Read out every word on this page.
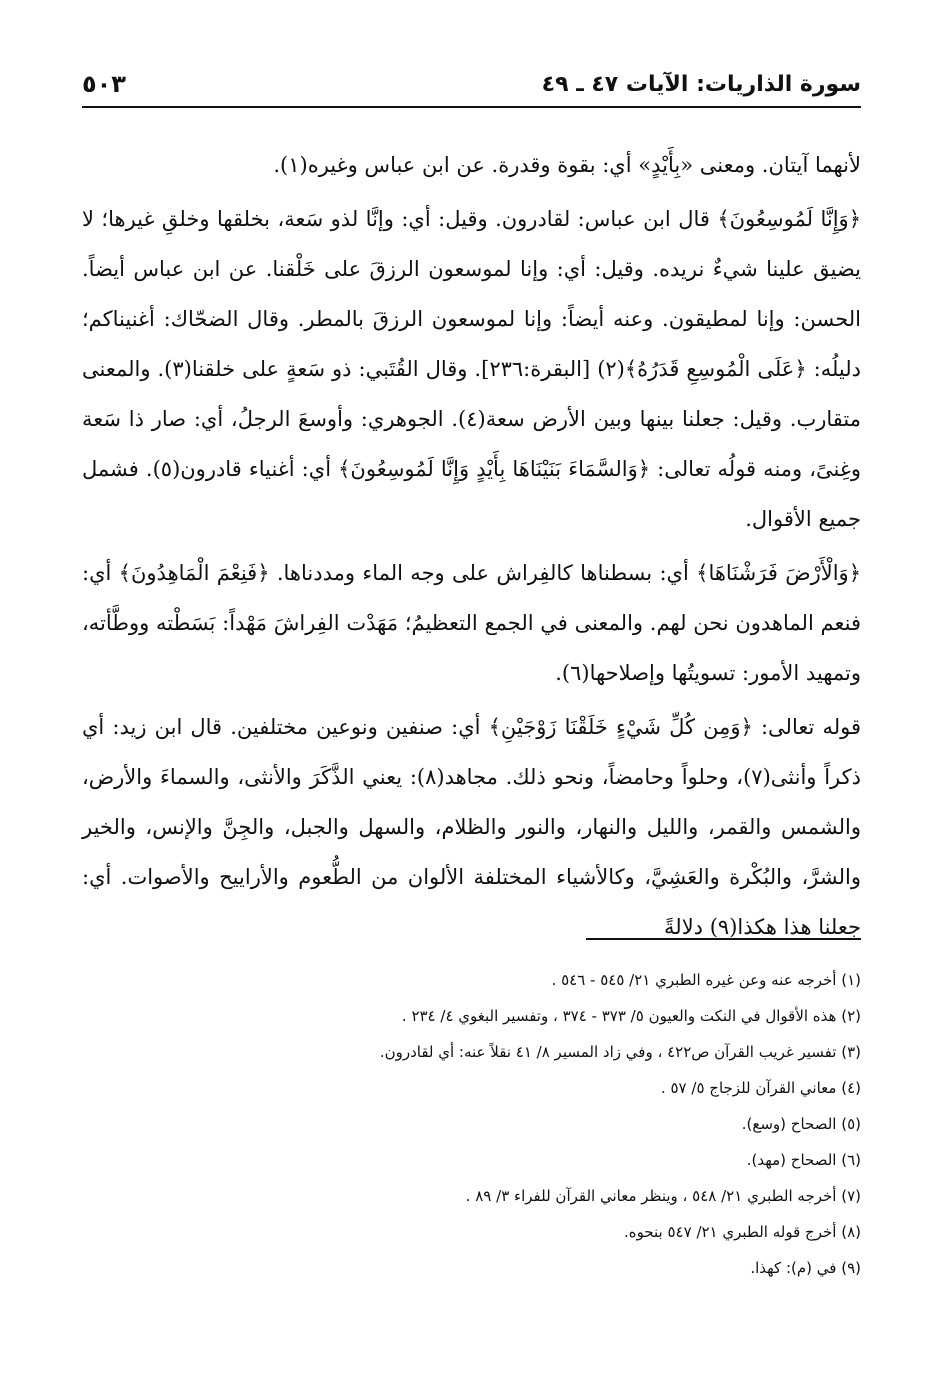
سورة الذاريات: الآيات ٤٧ ـ ٤٩
٥٠٣

لأنهما آيتان. ومعنى «بِأَيْدٍ» أي: بقوة وقدرة. عن ابن عباس وغيره(١).

﴿وَإِنَّا لَمُوسِعُونَ﴾ قال ابن عباس: لقادرون. وقيل: أي: وإنَّا لذو سَعة، بخلقها وخلقِ غيرها؛ لا يضيق علينا شيءٌ نريده. وقيل: أي: وإنا لموسعون الرزقَ على خَلْقنا. عن ابن عباس أيضاً. الحسن: وإنا لمطيقون. وعنه أيضاً: وإنا لموسعون الرزقَ بالمطر. وقال الضحّاك: أغنيناكم؛ دليلُه: ﴿عَلَى الْمُوسِعِ قَدَرُهُ﴾(٢) [البقرة:٢٣٦]. وقال القُتَبي: ذو سَعةٍ على خلقنا(٣). والمعنى متقارب. وقيل: جعلنا بينها وبين الأرض سعة(٤). الجوهري: وأوسعَ الرجلُ، أي: صار ذا سَعة وغِنىً، ومنه قولُه تعالى: ﴿وَالسَّمَاءَ بَنَيْنَاهَا بِأَيْدٍ وَإِنَّا لَمُوسِعُونَ﴾ أي: أغنياء قادرون(٥). فشمل جميع الأقوال.

﴿وَالْأَرْضَ فَرَشْنَاهَا﴾ أي: بسطناها كالفِراش على وجه الماء ومددناها. ﴿فَنِعْمَ الْمَاهِدُونَ﴾ أي: فنعم الماهدون نحن لهم. والمعنى في الجمع التعظيمُ؛ مَهَدْت الفِراشَ مَهْداً: بَسَطْته ووطَّأته، وتمهيد الأمور: تسويتُها وإصلاحها(٦).

قوله تعالى: ﴿وَمِن كُلِّ شَيْءٍ خَلَقْنَا زَوْجَيْنِ﴾ أي: صنفين ونوعين مختلفين. قال ابن زيد: أي ذكراً وأنثى(٧)، وحلواً وحامضاً، ونحو ذلك. مجاهد(٨): يعني الذَّكَرَ والأنثى، والسماءَ والأرض، والشمس والقمر، والليل والنهار، والنور والظلام، والسهل والجبل، والجِنَّ والإنس، والخير والشرَّ، والبُكْرة والعَشِيَّ، وكالأشياء المختلفة الألوان من الطُّعوم والأراييح والأصوات. أي: جعلنا هذا هكذا(٩) دلالةً

(١) أخرجه عنه وعن غيره الطبري ٢١/ ٥٤٥ - ٥٤٦ .
(٢) هذه الأقوال في النكت والعيون ٥/ ٣٧٣ - ٣٧٤ ، وتفسير البغوي ٤/ ٢٣٤ .
(٣) تفسير غريب القرآن ص٤٢٢ ، وفي زاد المسير ٨/ ٤١ نقلاً عنه: أي لقادرون.
(٤) معاني القرآن للزجاج ٥/ ٥٧ .
(٥) الصحاح (وسع).
(٦) الصحاح (مهد).
(٧) أخرجه الطبري ٢١/ ٥٤٨ ، وينظر معاني القرآن للفراء ٣/ ٨٩ .
(٨) أخرج قوله الطبري ٢١/ ٥٤٧ بنحوه.
(٩) في (م): كهذا.
